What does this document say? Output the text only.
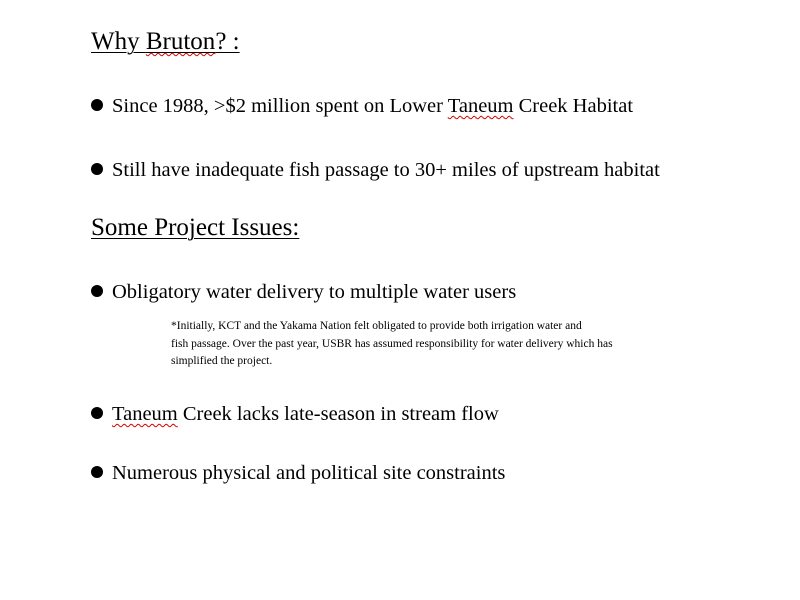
Why Bruton? :
Since 1988, >$2 million spent on Lower Taneum Creek Habitat
Still have inadequate fish passage to 30+ miles of upstream habitat
Some Project Issues:
Obligatory water delivery to multiple water users
*Initially, KCT and the Yakama Nation felt obligated to provide both irrigation water and
fish passage. Over the past year, USBR has assumed responsibility for water delivery which has
simplified the project.
Taneum Creek lacks late-season in stream flow
Numerous physical and political site constraints
